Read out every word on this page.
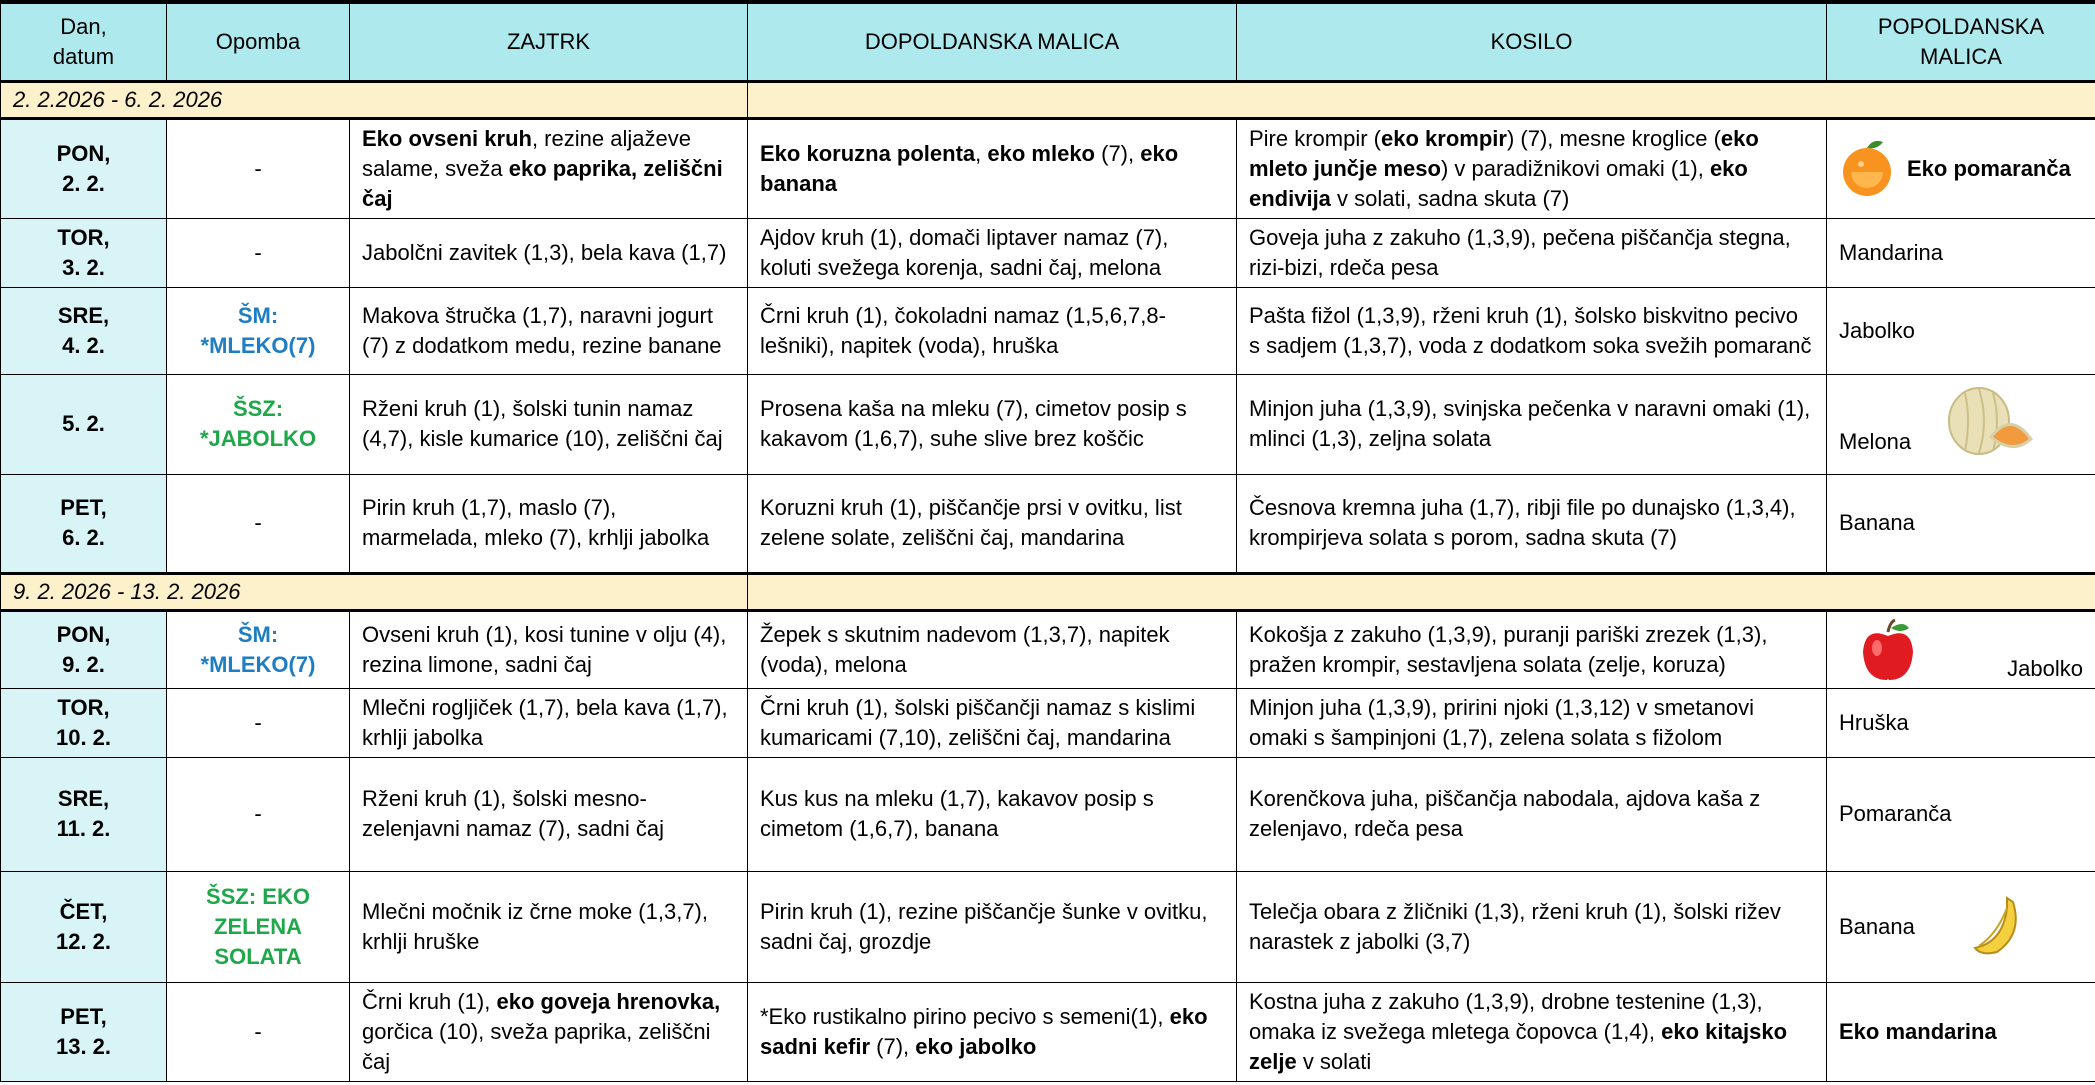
Dan,
datum	Opomba	ZAJTRK	DOPOLDANSKA MALICA	KOSILO	POPOLDANSKA
MALICA
2. 2.2026 - 6. 2. 2026					
PON,
2. 2.	-	Eko ovseni kruh, rezine aljaževe salame, sveža eko paprika, zeliščni čaj	Eko koruzna polenta, eko mleko (7), eko banana	Pire krompir (eko krompir) (7), mesne kroglice (eko mleto junčje meso) v paradižnikovi omaki (1), eko endivija v solati, sadna skuta (7)	Eko pomaranča
TOR,
3. 2.	-	Jabolčni zavitek (1,3), bela kava (1,7)	Ajdov kruh (1), domači liptaver namaz (7), koluti svežega korenja, sadni čaj, melona	Goveja juha z zakuho (1,3,9), pečena piščančja stegna, rizi-bizi, rdeča pesa	Mandarina
SRE,
4. 2.	ŠM:
*MLEKO(7)	Makova štručka (1,7), naravni jogurt (7) z dodatkom medu, rezine banane	Črni kruh (1), čokoladni namaz (1,5,6,7,8-lešniki), napitek (voda), hruška	Pašta fižol (1,3,9), rženi kruh (1), šolsko biskvitno pecivo s sadjem (1,3,7), voda z dodatkom soka svežih pomaranč	Jabolko
5. 2.	ŠSZ:
*JABOLKO	Rženi kruh (1), šolski tunin namaz (4,7), kisle kumarice (10), zeliščni čaj	Prosena kaša na mleku (7), cimetov posip s kakavom (1,6,7), suhe slive brez koščic	Minjon juha (1,3,9), svinjska pečenka v naravni omaki (1), mlinci (1,3), zeljna solata	Melona

PET,
6. 2.	-	Pirin kruh (1,7), maslo (7), marmelada, mleko (7), krhlji jabolka	Koruzni kruh (1), piščančje prsi v ovitku, list zelene solate, zeliščni čaj, mandarina	Česnova kremna juha (1,7), ribji file po dunajsko (1,3,4), krompirjeva solata s porom, sadna skuta (7)	Banana
9. 2. 2026 - 13. 2. 2026					
PON,
9. 2.	ŠM:
*MLEKO(7)	Ovseni kruh (1), kosi tunine v olju (4), rezina limone, sadni čaj	Žepek s skutnim nadevom (1,3,7), napitek (voda), melona	Kokošja z zakuho (1,3,9), puranji pariški zrezek (1,3), pražen krompir, sestavljena solata (zelje, koruza)	Jabolko

TOR,
10. 2.	-	Mlečni rogljiček (1,7), bela kava (1,7), krhlji jabolka	Črni kruh (1), šolski piščančji namaz s kislimi kumaricami (7,10), zeliščni čaj, mandarina	Minjon juha (1,3,9), pririni njoki (1,3,12) v smetanovi omaki s šampinjoni (1,7), zelena solata s fižolom	Hruška
SRE,
11. 2.	-	Rženi kruh (1), šolski mesno-zelenjavni namaz (7), sadni čaj	Kus kus na mleku (1,7), kakavov posip s cimetom (1,6,7), banana	Korenčkova juha, piščančja nabodala, ajdova kaša z zelenjavo, rdeča pesa	Pomaranča
ČET,
12. 2.	ŠSZ: EKO
ZELENA
SOLATA	Mlečni močnik iz črne moke (1,3,7), krhlji hruške	Pirin kruh (1), rezine piščančje šunke v ovitku, sadni čaj, grozdje	Telečja obara z žličniki (1,3), rženi kruh (1), šolski rižev narastek z jabolki (3,7)	Banana
PET,
13. 2.	-	Črni kruh (1), eko goveja hrenovka, gorčica (10), sveža paprika, zeliščni čaj	*Eko rustikalno pirino pecivo s semeni(1), eko sadni kefir (7), eko jabolko	Kostna juha z zakuho (1,3,9), drobne testenine (1,3), omaka iz svežega mletega čopovca (1,4), eko kitajsko zelje v solati	Eko mandarina
